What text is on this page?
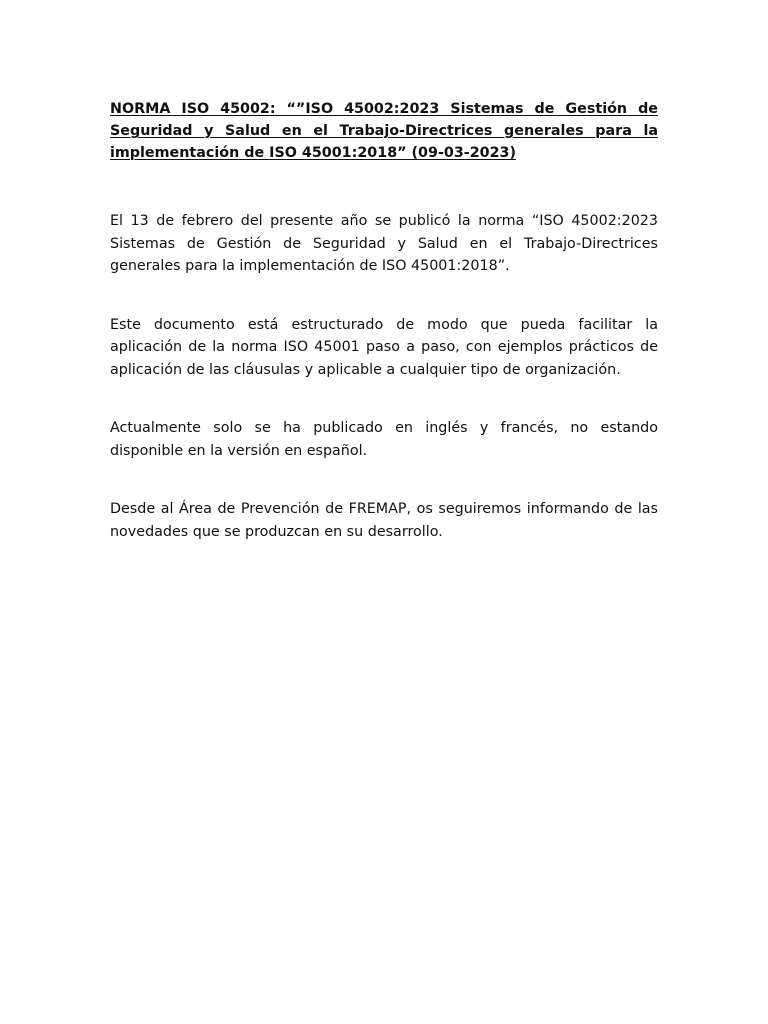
NORMA ISO 45002: “”ISO 45002:2023 Sistemas de Gestión de Seguridad y Salud en el Trabajo-Directrices generales para la implementación de ISO 45001:2018” (09-03-2023)

El 13 de febrero del presente año se publicó la norma “ISO 45002:2023 Sistemas de Gestión de Seguridad y Salud en el Trabajo-Directrices generales para la implementación de ISO 45001:2018”.

Este documento está estructurado de modo que pueda facilitar la aplicación de la norma ISO 45001 paso a paso, con ejemplos prácticos de aplicación de las cláusulas y aplicable a cualquier tipo de organización.

Actualmente solo se ha publicado en inglés y francés, no estando disponible en la versión en español.

Desde al Área de Prevención de FREMAP, os seguiremos informando de las novedades que se produzcan en su desarrollo.
